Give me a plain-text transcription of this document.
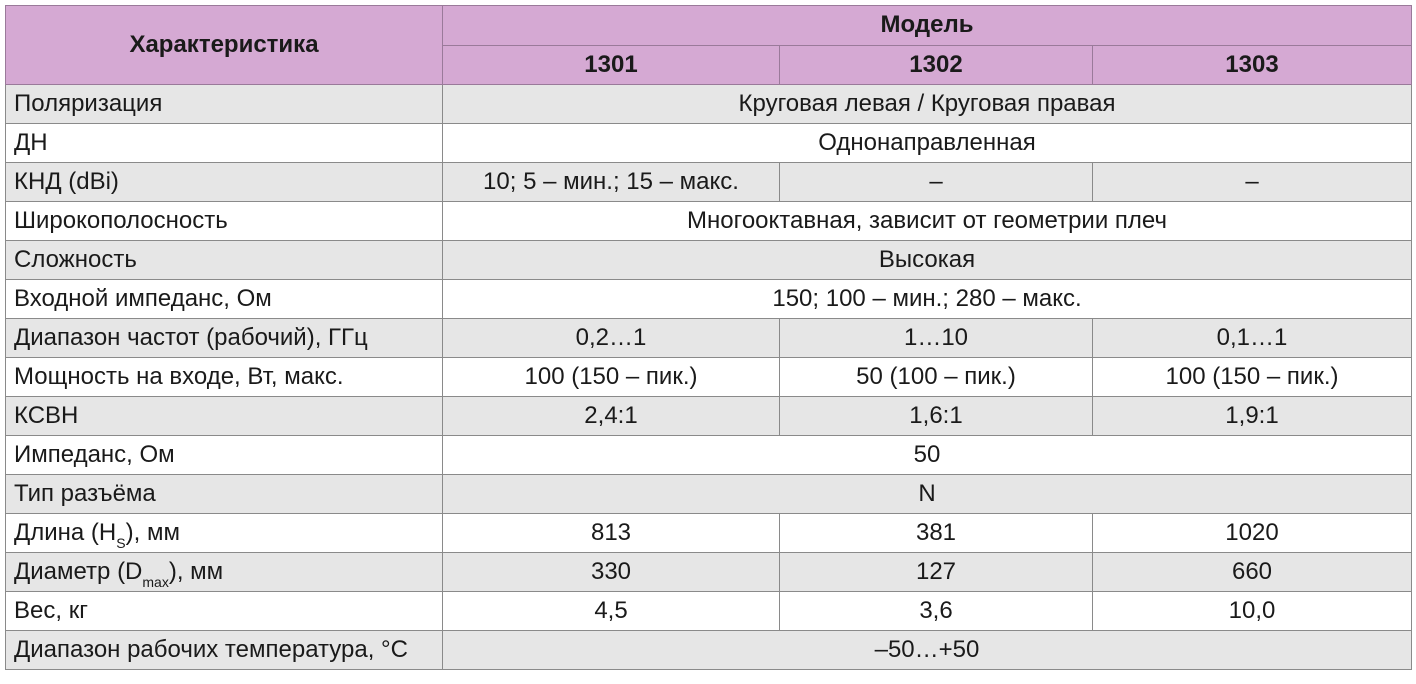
Характеристика	Модель		
	1301	1302	1303
Поляризация	Круговая левая / Круговая правая		
ДН	Однонаправленная		
КНД (dBi)	10; 5 – мин.; 15 – макс.	–	–
Широкополосность	Многооктавная, зависит от геометрии плеч		
Сложность	Высокая		
Входной импеданс, Ом	150; 100 – мин.; 280 – макс.		
Диапазон частот (рабочий), ГГц	0,2…1	1…10	0,1…1
Мощность на входе, Вт, макс.	100 (150 – пик.)	50 (100 – пик.)	100 (150 – пик.)
КСВН	2,4:1	1,6:1	1,9:1
Импеданс, Ом	50		
Тип разъёма	N		
Длина $(H_S)$, мм	813	381	1020
Диаметр $(D_{max})$, мм	330	127	660
Вес, кг	4,5	3,6	10,0
Диапазон рабочих температура, °C	–50…+50		
